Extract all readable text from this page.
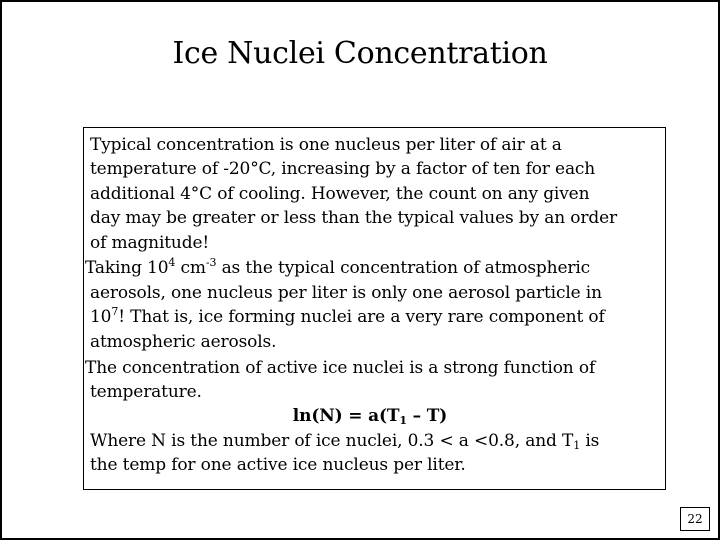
Ice Nuclei Concentration
Typical concentration is one nucleus per liter of air at a
temperature of -20°C, increasing by a factor of ten for each
additional 4°C of cooling. However, the count on any given
day may be greater or less than the typical values by an order
of magnitude!
Taking $10^4$ $cm^{-3}$ as the typical concentration of atmospheric
aerosols, one nucleus per liter is only one aerosol particle in
$10^7$! That is, ice forming nuclei are a very rare component of
atmospheric aerosols.
The concentration of active ice nuclei is a strong function of
temperature.
$\ln(N) = a(T_1 - T)$
Where N is the number of ice nuclei, 0.3 < a <0.8, and $T_1$ is
the temp for one active ice nucleus per liter.
22
